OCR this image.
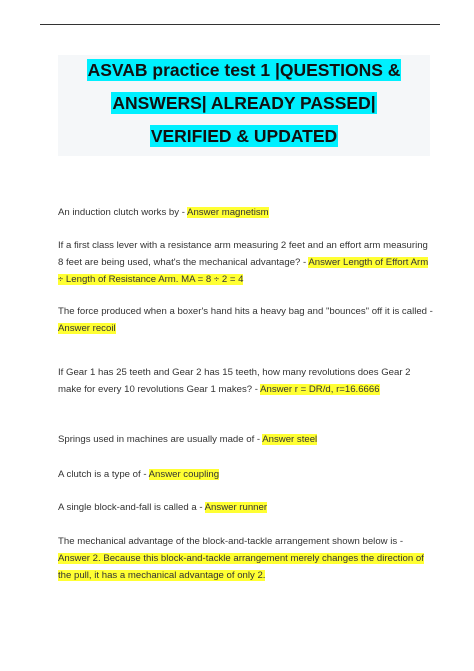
ASVAB practice test 1 |QUESTIONS &
ANSWERS| ALREADY PASSED|
VERIFIED & UPDATED

An induction clutch works by - Answer magnetism

If a first class lever with a resistance arm measuring 2 feet and an effort arm measuring 8 feet are being used, what's the mechanical advantage? - Answer Length of Effort Arm ÷ Length of Resistance Arm. MA = 8 ÷ 2 = 4

The force produced when a boxer's hand hits a heavy bag and "bounces" off it is called - Answer recoil

If Gear 1 has 25 teeth and Gear 2 has 15 teeth, how many revolutions does Gear 2 make for every 10 revolutions Gear 1 makes? - Answer r = DR/d, r=16.6666

Springs used in machines are usually made of - Answer steel

A clutch is a type of - Answer coupling

A single block-and-fall is called a - Answer runner

The mechanical advantage of the block-and-tackle arrangement shown below is - Answer 2. Because this block-and-tackle arrangement merely changes the direction of the pull, it has a mechanical advantage of only 2.
